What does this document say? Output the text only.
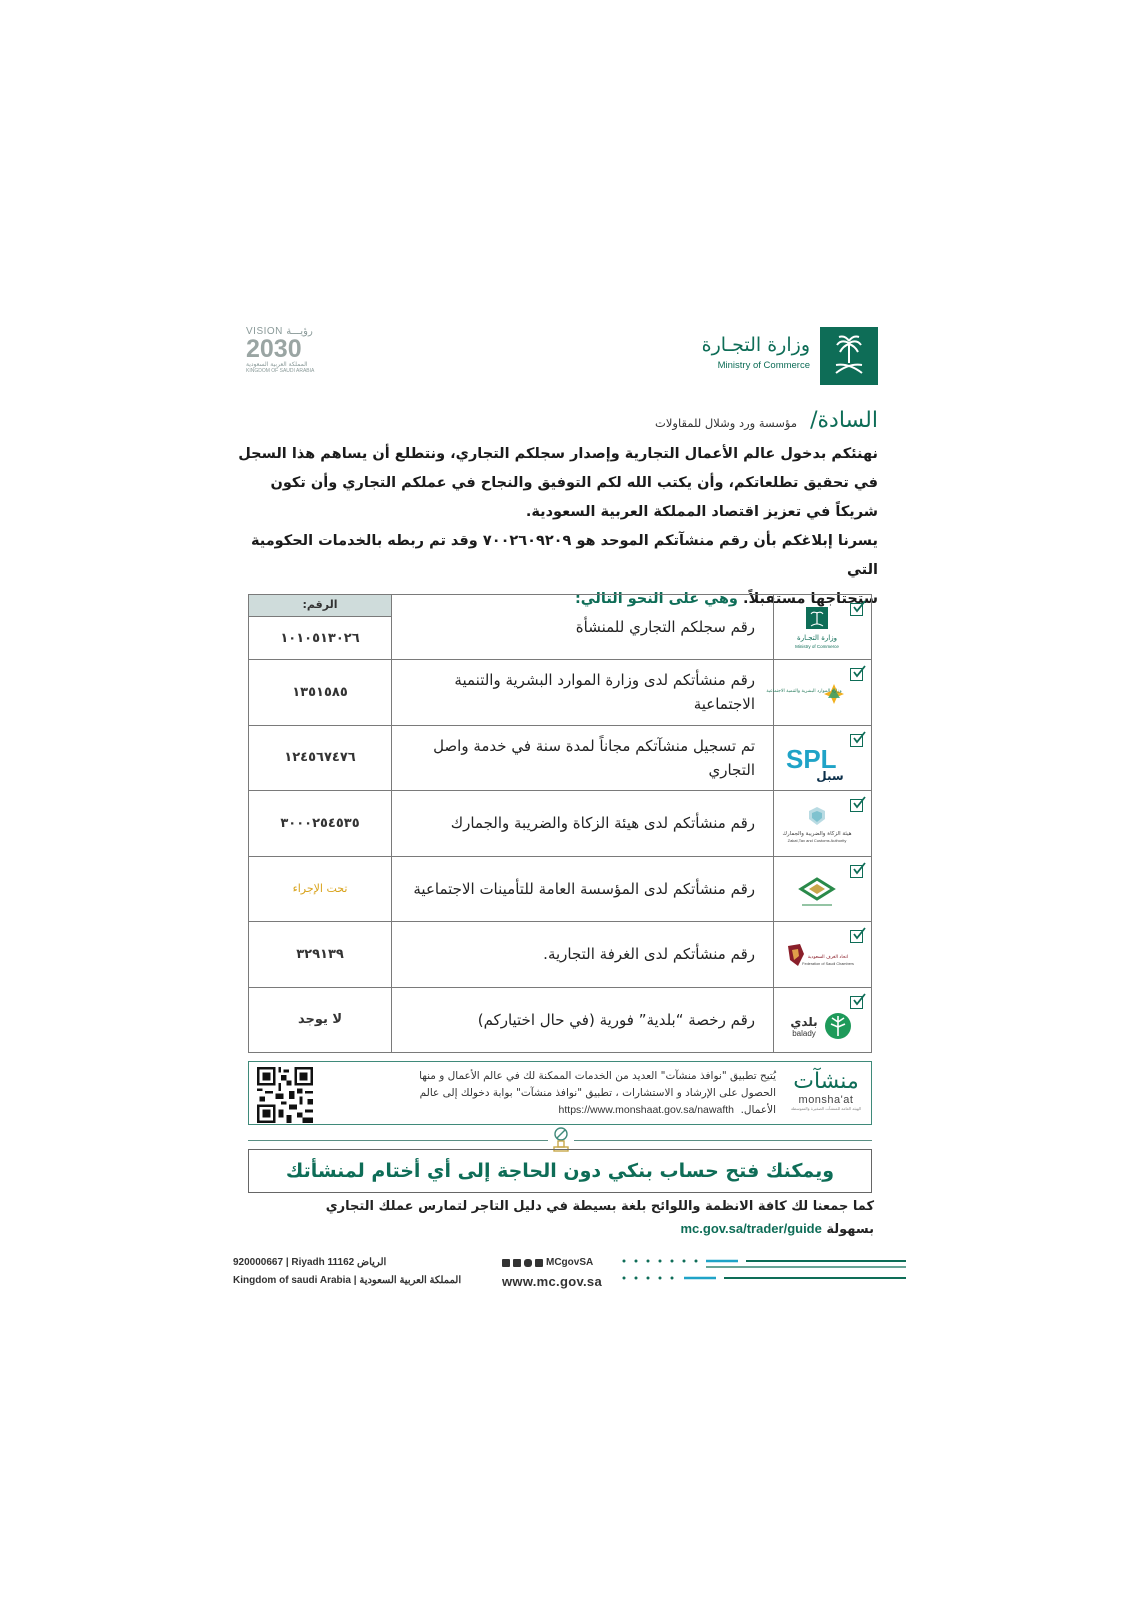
وزارة التجـارة
Ministry of Commerce
VISION رؤيـــة
2030
المملكة العربية السعودية
KINGDOM OF SAUDI ARABIA
السادة/ مؤسسة ورد وشلال للمقاولات
نهنئكم بدخول عالم الأعمال التجارية وإصدار سجلكم التجاري، ونتطلع أن يساهم هذا السجل
في تحقيق تطلعاتكم، وأن يكتب الله لكم التوفيق والنجاح في عملكم التجاري وأن تكون
شريكاً في تعزيز اقتصاد المملكة العربية السعودية.
يسرنا إبلاغكم بأن رقم منشآتكم الموحد هو ٧٠٠٢٦٠٩٢٠٩ وقد تم ربطه بالخدمات الحكومية التي
ستحتاجها مستقبلاً. وهي على النحو التالي:
وزارة التجـارة
Ministry of Commerce
رقم سجلكم التجاري للمنشأة
الرقم:
١٠١٠٥١٣٠٢٦
وزارة الموارد البشرية والتنمية الاجتماعية
رقم منشأتكم لدى وزارة الموارد البشرية والتنمية الاجتماعية
١٣٥١٥٨٥
SPL
سبل
تم تسجيل منشآتكم مجاناً لمدة سنة في خدمة واصل التجاري
١٢٤٥٦٧٤٧٦
هيئة الزكاة والضريبة والجمارك
Zakat,Tax and Customs Authority
رقم منشأتكم لدى هيئة الزكاة والضريبة والجمارك
٣٠٠٠٢٥٤٥٣٥
رقم منشأتكم لدى المؤسسة العامة للتأمينات الاجتماعية
تحت الإجراء
اتحاد الغرف السعودية
Federation of Saudi Chambers
رقم منشأتكم لدى الغرفة التجارية.
٣٢٩١٣٩
بلدي
balady
رقم رخصة “بلدية” فورية (في حال اختياركم)
لا يوجد
منشآت
monsha'at
الهيئة العامة للمنشآت الصغيرة والمتوسطة
يُتيح تطبيق "نوافذ منشآت" العديد من الخدمات الممكنة لك في عالم الأعمال و منها
الحصول على الإرشاد و الاستشارات ، تطبيق "نوافذ منشآت" بوابة دخولك إلى عالم
الأعمال.
https://www.monshaat.gov.sa/nawafth
ويمكنك فتح حساب بنكي دون الحاجة إلى أي أختام لمنشأتك
كما جمعنا لك كافة الانظمة واللوائح بلغة بسيطة في دليل التاجر لتمارس عملك التجاري
بسهولة mc.gov.sa/trader/guide
920000667 | Riyadh 11162 الرياض
Kingdom of saudi Arabia | المملكة العربية السعودية
MCgovSA
www.mc.gov.sa
